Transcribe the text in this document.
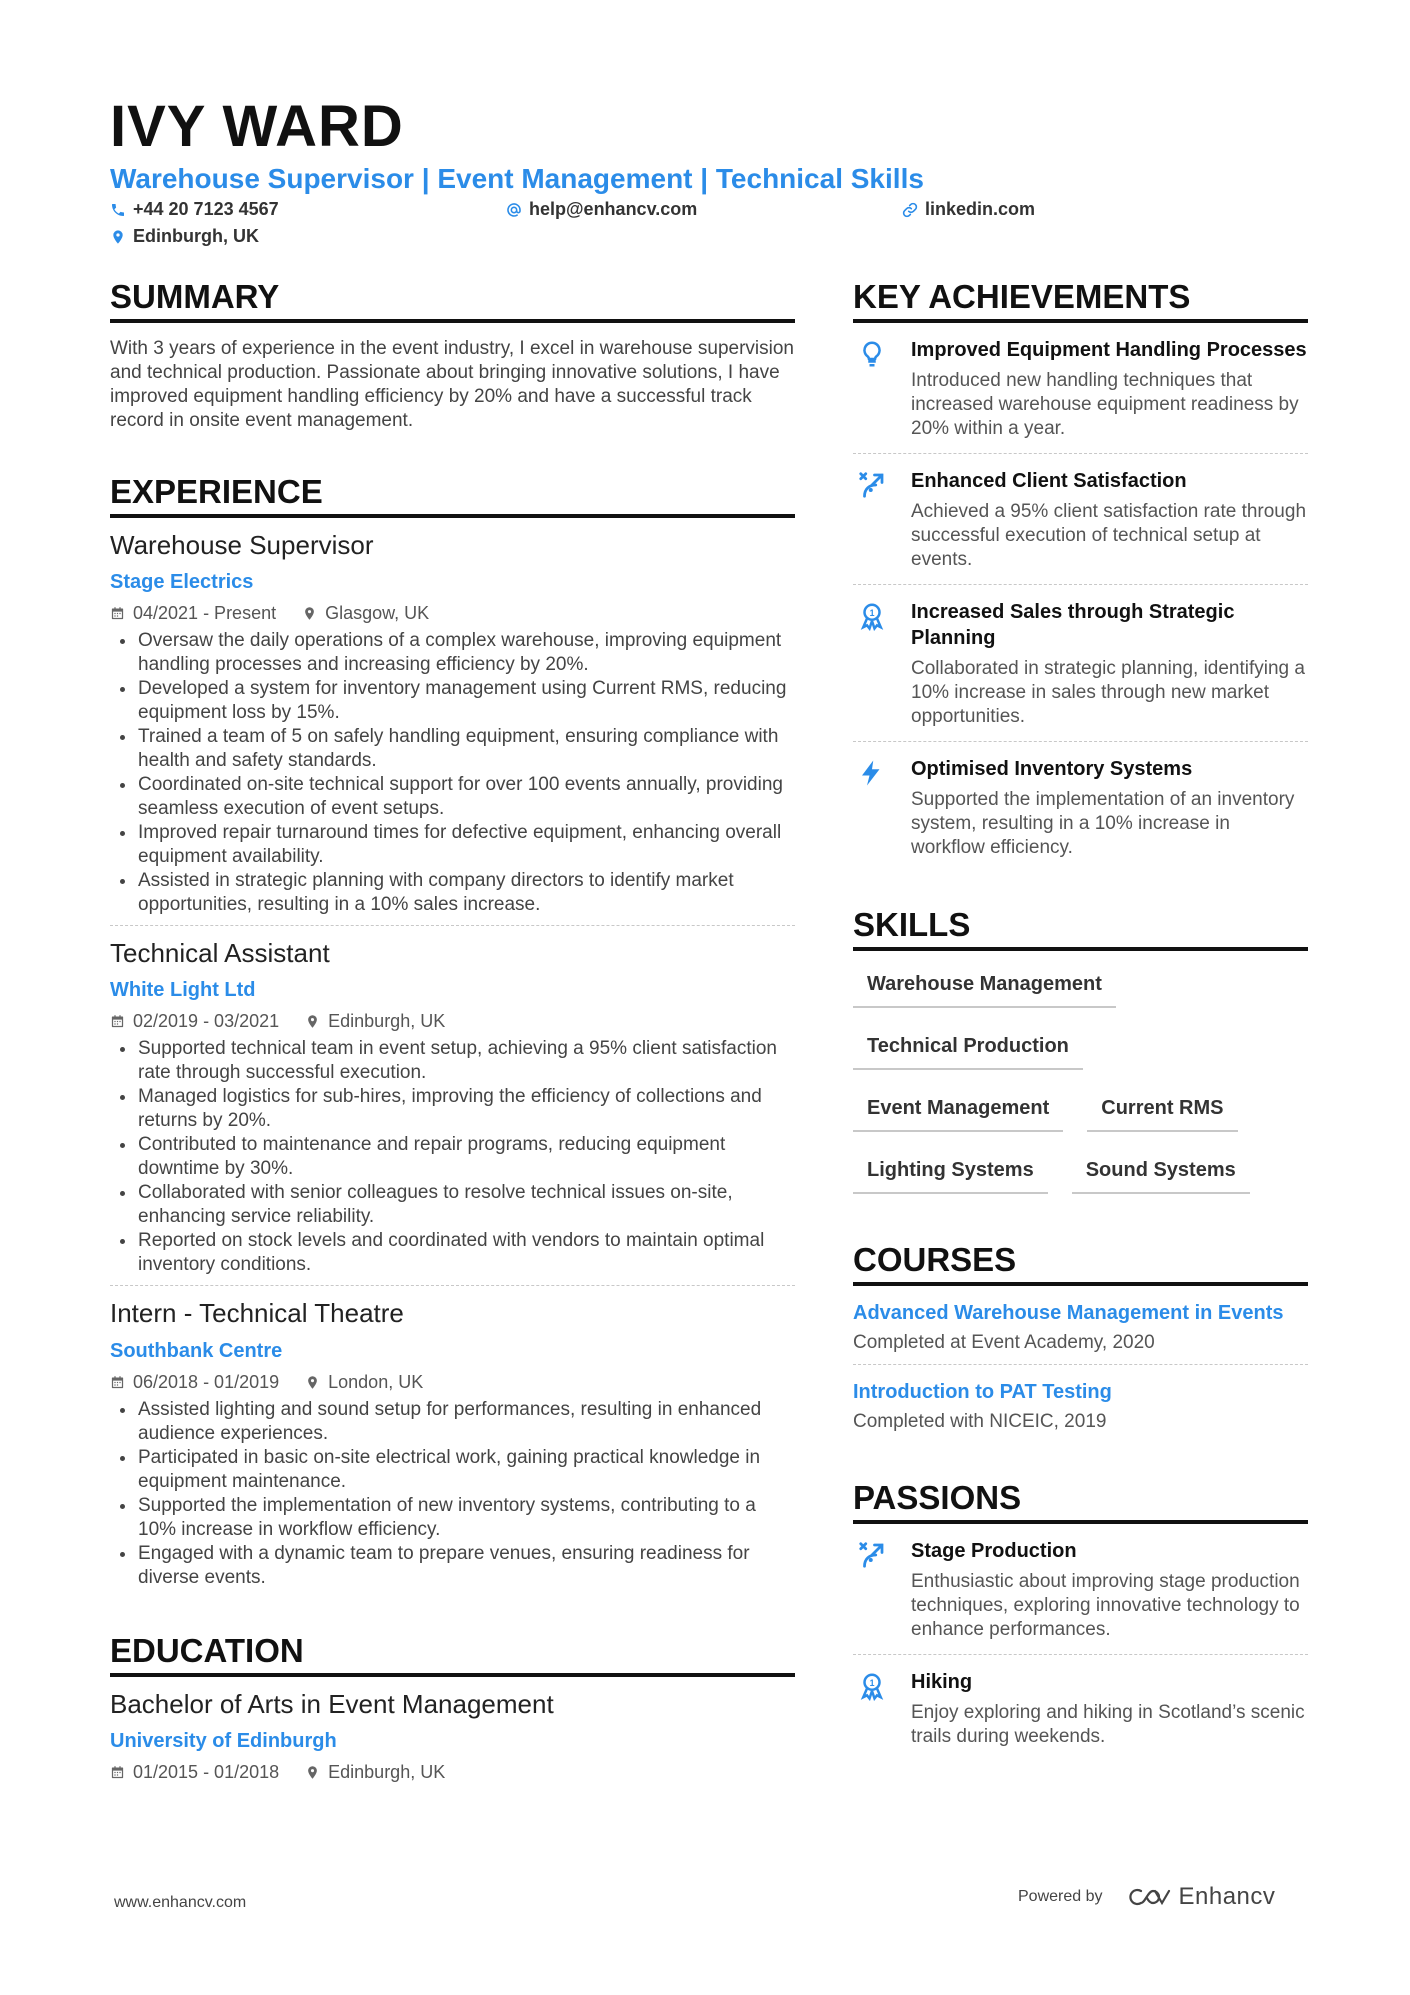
IVY WARD
Warehouse Supervisor | Event Management | Technical Skills
+44 20 7123 4567	help@enhancv.com	linkedin.com
Edinburgh, UK
SUMMARY

With 3 years of experience in the event industry, I excel in warehouse supervision and technical production. Passionate about bringing innovative solutions, I have improved equipment handling efficiency by 20% and have a successful track record in onsite event management.

EXPERIENCE
Warehouse Supervisor
Stage Electrics
04/2021 - Present	Glasgow, UK
Oversaw the daily operations of a complex warehouse, improving equipment handling processes and increasing efficiency by 20%.
Developed a system for inventory management using Current RMS, reducing equipment loss by 15%.
Trained a team of 5 on safely handling equipment, ensuring compliance with health and safety standards.
Coordinated on-site technical support for over 100 events annually, providing seamless execution of event setups.
Improved repair turnaround times for defective equipment, enhancing overall equipment availability.
Assisted in strategic planning with company directors to identify market opportunities, resulting in a 10% sales increase.
Technical Assistant
White Light Ltd
02/2019 - 03/2021	Edinburgh, UK
Supported technical team in event setup, achieving a 95% client satisfaction rate through successful execution.
Managed logistics for sub-hires, improving the efficiency of collections and returns by 20%.
Contributed to maintenance and repair programs, reducing equipment downtime by 30%.
Collaborated with senior colleagues to resolve technical issues on-site, enhancing service reliability.
Reported on stock levels and coordinated with vendors to maintain optimal inventory conditions.
Intern - Technical Theatre
Southbank Centre
06/2018 - 01/2019	London, UK
Assisted lighting and sound setup for performances, resulting in enhanced audience experiences.
Participated in basic on-site electrical work, gaining practical knowledge in equipment maintenance.
Supported the implementation of new inventory systems, contributing to a 10% increase in workflow efficiency.
Engaged with a dynamic team to prepare venues, ensuring readiness for diverse events.
EDUCATION
Bachelor of Arts in Event Management
University of Edinburgh
01/2015 - 01/2018	Edinburgh, UK
KEY ACHIEVEMENTS
Improved Equipment Handling Processes
Introduced new handling techniques that increased warehouse equipment readiness by 20% within a year.
Enhanced Client Satisfaction
Achieved a 95% client satisfaction rate through successful execution of technical setup at events.
1 Increased Sales through Strategic Planning
Collaborated in strategic planning, identifying a 10% increase in sales through new market opportunities.
Optimised Inventory Systems
Supported the implementation of an inventory system, resulting in a 10% increase in workflow efficiency.
SKILLS
Warehouse Management
Technical Production
Event Management	Current RMS
Lighting Systems	Sound Systems
COURSES
Advanced Warehouse Management in Events
Completed at Event Academy, 2020
Introduction to PAT Testing
Completed with NICEIC, 2019
PASSIONS
Stage Production
Enthusiastic about improving stage production techniques, exploring innovative technology to enhance performances.
1 Hiking
Enjoy exploring and hiking in Scotland’s scenic trails during weekends.
www.enhancv.com	Powered by	Enhancv
